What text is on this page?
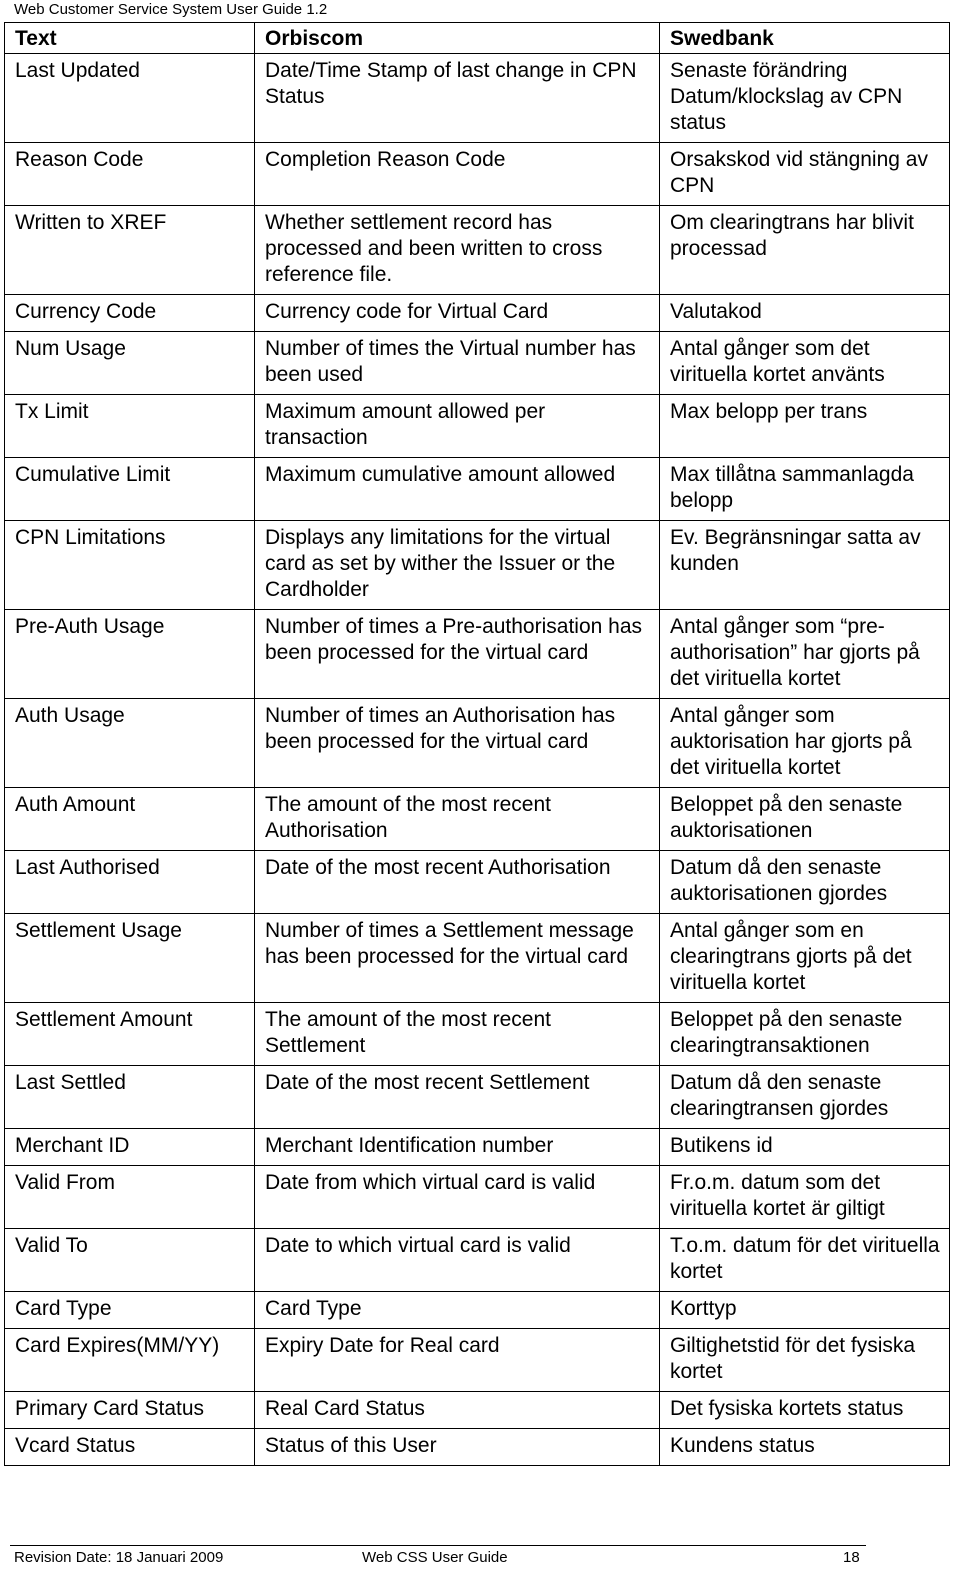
Web Customer Service System User Guide 1.2
Text	Orbiscom	Swedbank
Last Updated	Date/Time Stamp of last change in CPN Status	Senaste förändring Datum/klockslag av CPN status
Reason Code	Completion Reason Code	Orsakskod vid stängning av CPN
Written to XREF	Whether settlement record has processed and been written to cross reference file.	Om clearingtrans har blivit processad
Currency Code	Currency code for Virtual Card	Valutakod
Num Usage	Number of times the Virtual number has been used	Antal gånger som det virituella kortet använts
Tx Limit	Maximum amount allowed per transaction	Max belopp per trans
Cumulative Limit	Maximum cumulative amount allowed	Max tillåtna sammanlagda belopp
CPN Limitations	Displays any limitations for the virtual card as set by wither the Issuer or the Cardholder	Ev. Begränsningar satta av kunden
Pre-Auth Usage	Number of times a Pre-authorisation has been processed for the virtual card	Antal gånger som “pre-authorisation” har gjorts på det virituella kortet
Auth Usage	Number of times an Authorisation has been processed for the virtual card	Antal gånger som auktorisation har gjorts på det virituella kortet
Auth Amount	The amount of the most recent Authorisation	Beloppet på den senaste auktorisationen
Last Authorised	Date of the most recent Authorisation	Datum då den senaste auktorisationen gjordes
Settlement Usage	Number of times a Settlement message has been processed for the virtual card	Antal gånger som en clearingtrans gjorts på det virituella kortet
Settlement Amount	The amount of the most recent Settlement	Beloppet på den senaste clearingtransaktionen
Last Settled	Date of the most recent Settlement	Datum då den senaste clearingtransen gjordes
Merchant ID	Merchant Identification number	Butikens id
Valid From	Date from which virtual card is valid	Fr.o.m. datum som det virituella kortet är giltigt
Valid To	Date to which virtual card is valid	T.o.m. datum för det virituella kortet
Card Type	Card Type	Korttyp
Card Expires(MM/YY)	Expiry Date for Real card	Giltighetstid för det fysiska kortet
Primary Card Status	Real Card Status	Det fysiska kortets status
Vcard Status	Status of this User	Kundens status
Revision Date: 18 Januari 2009	Web CSS User Guide	18
